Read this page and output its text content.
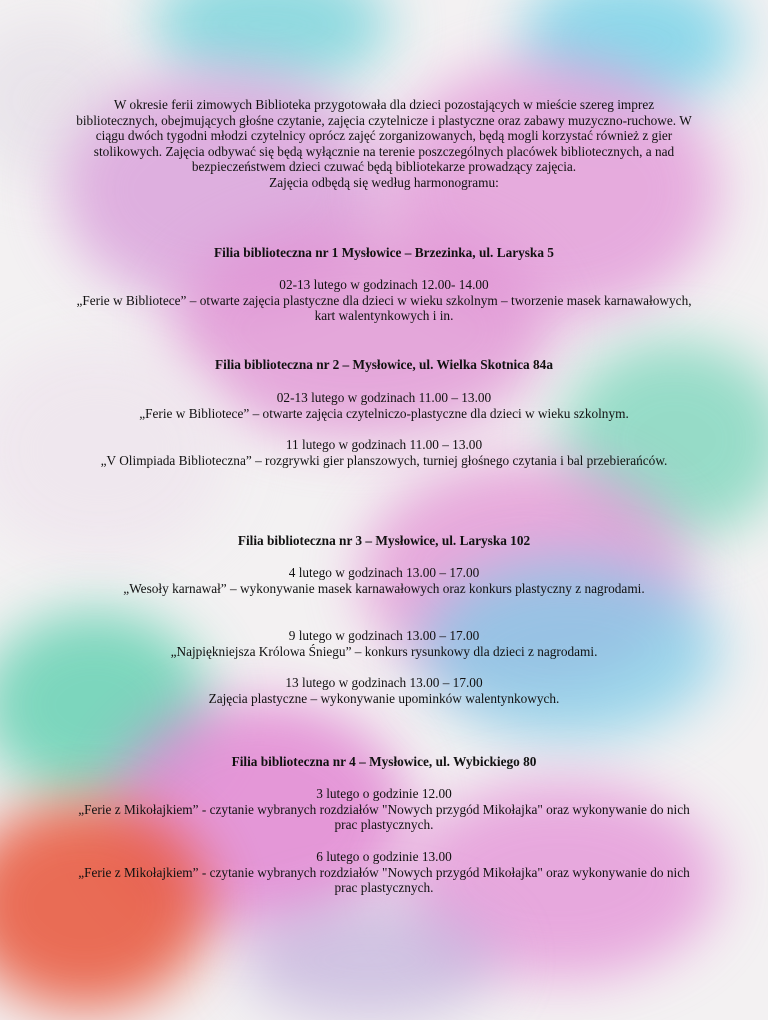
W okresie ferii zimowych Biblioteka przygotowała dla dzieci pozostających w mieście szereg imprez bibliotecznych, obejmujących głośne czytanie, zajęcia czytelnicze i plastyczne oraz zabawy muzyczno-ruchowe. W ciągu dwóch tygodni młodzi czytelnicy oprócz zajęć zorganizowanych, będą mogli korzystać również z gier stolikowych. Zajęcia odbywać się będą wyłącznie na terenie poszczególnych placówek bibliotecznych, a nad bezpieczeństwem dzieci czuwać będą bibliotekarze prowadzący zajęcia.

Zajęcia odbędą się według harmonogramu:

Filia biblioteczna nr 1 Mysłowice – Brzezinka, ul. Laryska 5

02-13 lutego w godzinach 12.00- 14.00

„Ferie w Bibliotece” – otwarte zajęcia plastyczne dla dzieci w wieku szkolnym – tworzenie masek karnawałowych, kart walentynkowych i in.

Filia biblioteczna nr 2 – Mysłowice, ul. Wielka Skotnica 84a

02-13 lutego w godzinach 11.00 – 13.00

„Ferie w Bibliotece” – otwarte zajęcia czytelniczo-plastyczne dla dzieci w wieku szkolnym.

11 lutego w godzinach 11.00 – 13.00

„V Olimpiada Biblioteczna” – rozgrywki gier planszowych, turniej głośnego czytania i bal przebierańców.

Filia biblioteczna nr 3 – Mysłowice, ul. Laryska 102

4 lutego w godzinach 13.00 – 17.00

„Wesoły karnawał” – wykonywanie masek karnawałowych oraz konkurs plastyczny z nagrodami.

9 lutego w godzinach 13.00 – 17.00

„Najpiękniejsza Królowa Śniegu” – konkurs rysunkowy dla dzieci z nagrodami.

13 lutego w godzinach 13.00 – 17.00

Zajęcia plastyczne – wykonywanie upominków walentynkowych.

Filia biblioteczna nr 4 – Mysłowice, ul. Wybickiego 80

3 lutego o godzinie 12.00

„Ferie z Mikołajkiem” - czytanie wybranych rozdziałów "Nowych przygód Mikołajka" oraz wykonywanie do nich prac plastycznych.

6 lutego o godzinie 13.00

„Ferie z Mikołajkiem” - czytanie wybranych rozdziałów "Nowych przygód Mikołajka" oraz wykonywanie do nich prac plastycznych.
